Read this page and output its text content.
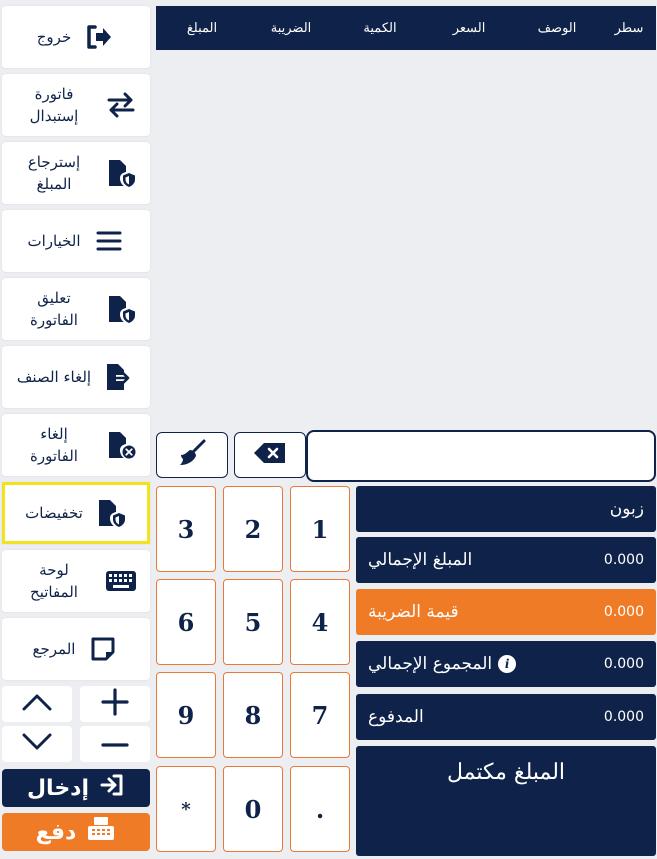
خروج
فاتورة إستبدال
إسترجاع المبلغ
الخيارات
تعليق الفاتورة
إلغاء الصنف
إلغاء الفاتورة
تخفيضات
لوحة المفاتيح
المرجع
إدخال
دفع
سطر
الوصف
السعر
الكمية
الضريبة
المبلغ
1
2
3
4
5
6
7
8
9
.
0
*
زبون
المبلغ الإجمالي	0.000
قيمة الضريبة	0.000
i
المجموع الإجمالي	0.000
المدفوع	0.000
المبلغ مكتمل
